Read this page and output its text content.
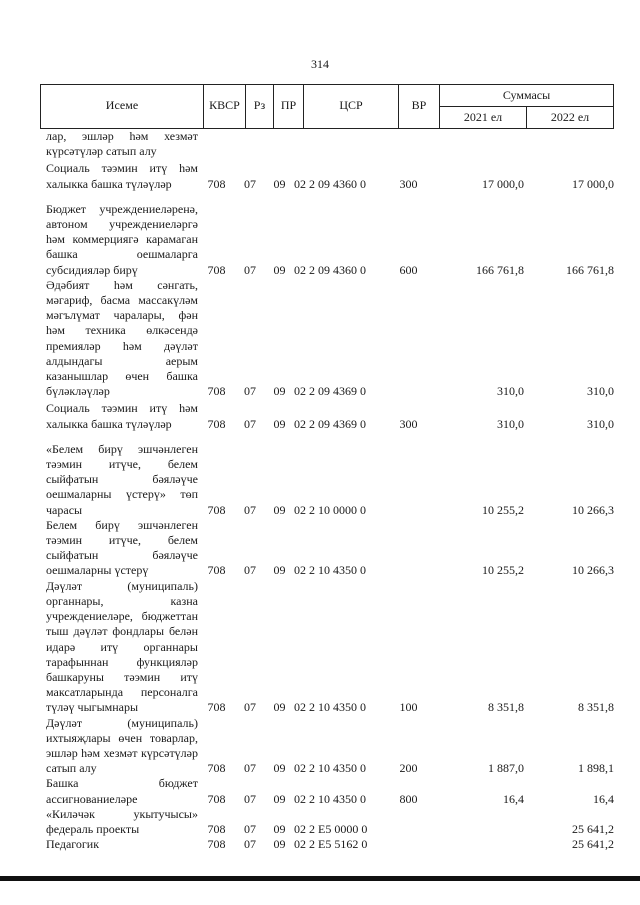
314
Исеме	КВСР	Рз	ПР	ЦСР	ВР
Суммасы
2021 ел	2022 ел
лар, эшләр һәм хезмәт күрсәтүләр сатып алу							
Социаль тәэмин итү һәм халыкка башка түләүләр	708	07	09	02 2 09 4360 0	300	17 000,0	17 000,0
Бюджет учреждениеләренә, автоном учреждениеләргә һәм коммерциягә карамаган башка оешмаларга субсидияләр бирү	708	07	09	02 2 09 4360 0	600	166 761,8	166 761,8
Әдәбият һәм сәнгать, мәгариф, басма массакүләм мәгълүмат чаралары, фән һәм техника өлкәсендә премияләр һәм дәүләт алдындагы аерым казанышлар өчен башка бүләкләүләр	708	07	09	02 2 09 4369 0		310,0	310,0
Социаль тәэмин итү һәм халыкка башка түләүләр	708	07	09	02 2 09 4369 0	300	310,0	310,0
«Белем бирү эшчәнлеген тәэмин итүче, белем сыйфатын бәяләүче оешмаларны үстерү» төп чарасы	708	07	09	02 2 10 0000 0		10 255,2	10 266,3
Белем бирү эшчәнлеген тәэмин итүче, белем сыйфатын бәяләүче оешмаларны үстерү	708	07	09	02 2 10 4350 0		10 255,2	10 266,3
Дәүләт (муниципаль) органнары, казна учреждениеләре, бюджеттан тыш дәүләт фондлары белән идарә итү органнары тарафыннан функцияләр башкаруны тәэмин итү максатларында персоналга түләү чыгымнары	708	07	09	02 2 10 4350 0	100	8 351,8	8 351,8
Дәүләт (муниципаль) ихтыяҗлары өчен товарлар, эшләр һәм хезмәт күрсәтүләр сатып алу	708	07	09	02 2 10 4350 0	200	1 887,0	1 898,1
Башка бюджет ассигнованиеләре	708	07	09	02 2 10 4350 0	800	16,4	16,4
«Киләчәк укытучысы» федераль проекты	708	07	09	02 2 E5 0000 0			25 641,2
Педагогик	708	07	09	02 2 E5 5162 0			25 641,2
